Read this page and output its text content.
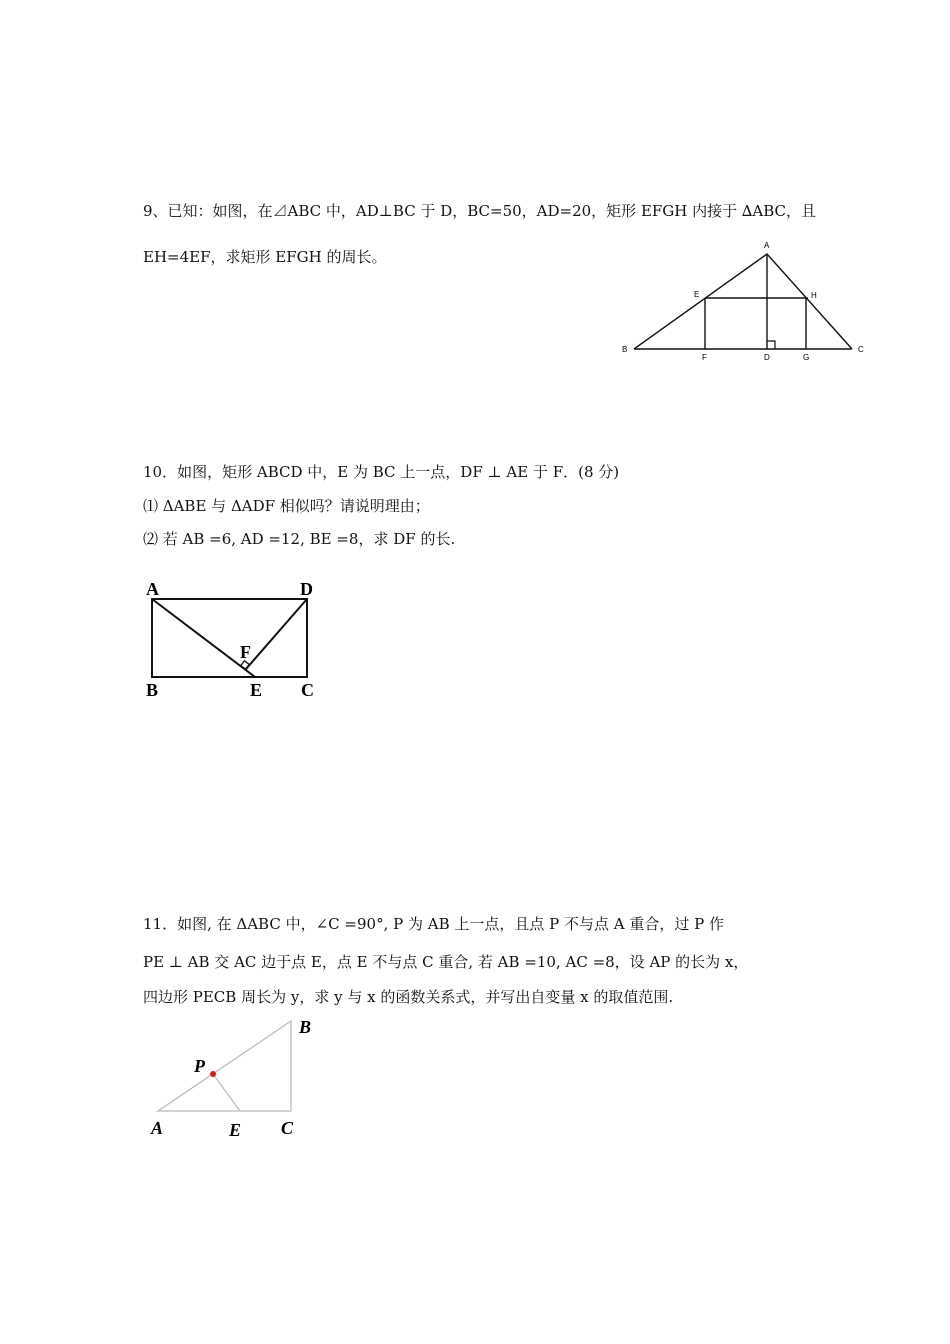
9、已知：如图，在⊿ABC 中，AD⊥BC 于 D，BC=50，AD=20，矩形 EFGH 内接于 ∆ABC，且
EH=4EF，求矩形 EFGH 的周长。
A
B	C
D
E
F	G
H
10．如图，矩形 ABCD 中，E 为 BC 上一点，DF ⊥ AE 于 F．(8 分)
⑴ ΔABE 与 ΔADF 相似吗？请说明理由；
⑵ 若 AB =6, AD =12, BE =8，求 DF 的长.
A	D
B	E C
F
11．如图, 在 ΔABC 中，∠C =90°, P 为 AB 上一点，且点 P 不与点 A 重合，过 P 作
PE ⊥ AB 交 AC 边于点 E，点 E 不与点 C 重合, 若 AB =10, AC =8，设 AP 的长为 x，
四边形 PECB 周长为 y，求 y 与 x 的函数关系式，并写出自变量 x 的取值范围.
B
P
A	E C
